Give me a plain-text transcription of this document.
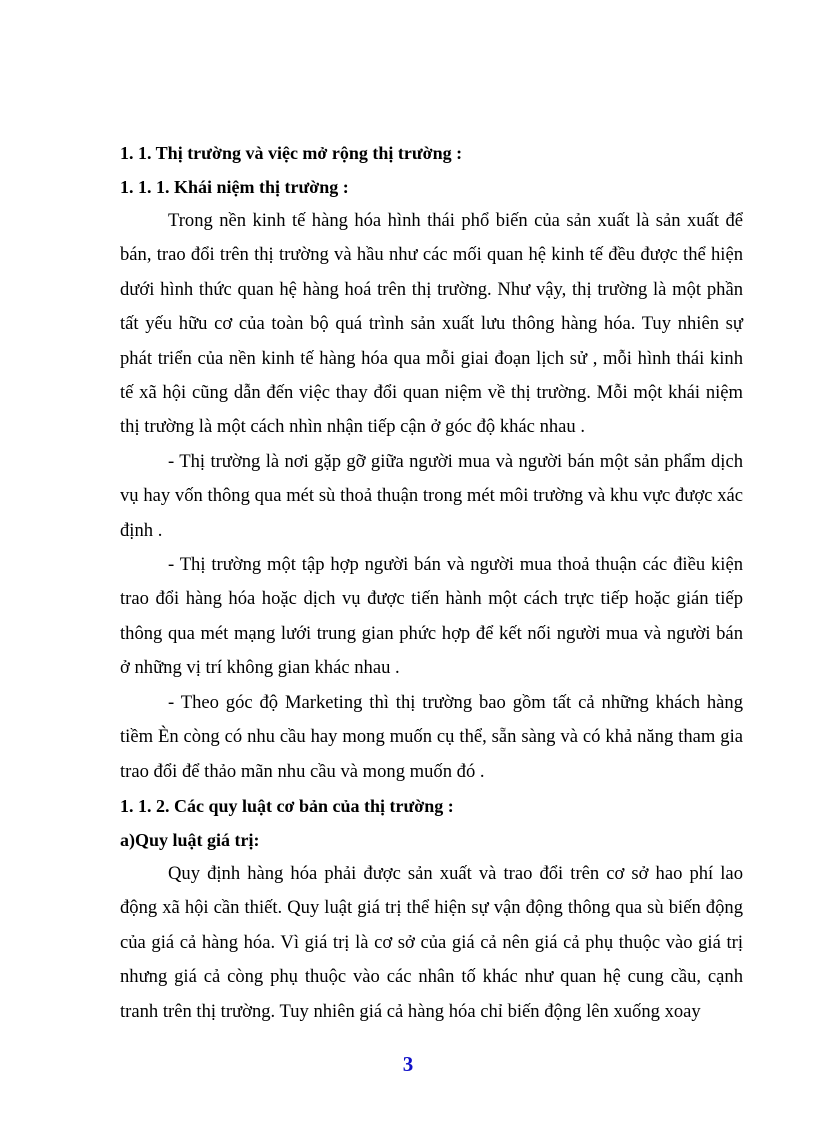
1. 1. Thị trường và việc mở rộng thị trường :

1. 1. 1. Khái niệm thị trường :

Trong nền kinh tế hàng hóa hình thái phổ biến của sản xuất là sản xuất để
bán, trao đổi trên thị trường và hầu như các mối quan hệ kinh tế đều được thể hiện
dưới hình thức quan hệ hàng hoá trên thị trường. Như vậy, thị trường là một phần
tất yếu hữu cơ của toàn bộ quá trình sản xuất lưu thông hàng hóa. Tuy nhiên sự
phát triển của nền kinh tế hàng hóa qua mỗi giai đoạn lịch sử , mỗi hình thái kinh
tế xã hội cũng dẫn đến việc thay đổi quan niệm về thị trường. Mỗi một khái niệm
thị trường là một cách nhìn nhận tiếp cận ở góc độ khác nhau .
- Thị trường là nơi gặp gỡ giữa người mua và người bán một sản phẩm dịch
vụ hay vốn thông qua mét sù thoả thuận trong mét môi trường và khu vực được xác
định .
- Thị trường một tập hợp người bán và người mua thoả thuận các điều kiện
trao đổi hàng hóa hoặc dịch vụ được tiến hành một cách trực tiếp hoặc gián tiếp
thông qua mét mạng lưới trung gian phức hợp để kết nối người mua và người bán
ở những vị trí không gian khác nhau .
- Theo góc độ Marketing thì thị trường bao gồm tất cả những khách hàng
tiềm Èn còng có nhu cầu hay mong muốn cụ thể, sẵn sàng và có khả năng tham gia
trao đổi để thảo mãn nhu cầu và mong muốn đó .

1. 1. 2. Các quy luật cơ bản của thị trường :

a)Quy luật giá trị:

Quy định hàng hóa phải được sản xuất và trao đổi trên cơ sở hao phí lao
động xã hội cần thiết. Quy luật giá trị thể hiện sự vận động thông qua sù biến động
của giá cả hàng hóa. Vì giá trị là cơ sở của giá cả nên giá cả phụ thuộc vào giá trị
nhưng giá cả còng phụ thuộc vào các nhân tố khác như quan hệ cung cầu, cạnh
tranh trên thị trường. Tuy nhiên giá cả hàng hóa chỉ biến động lên xuống xoay
3
